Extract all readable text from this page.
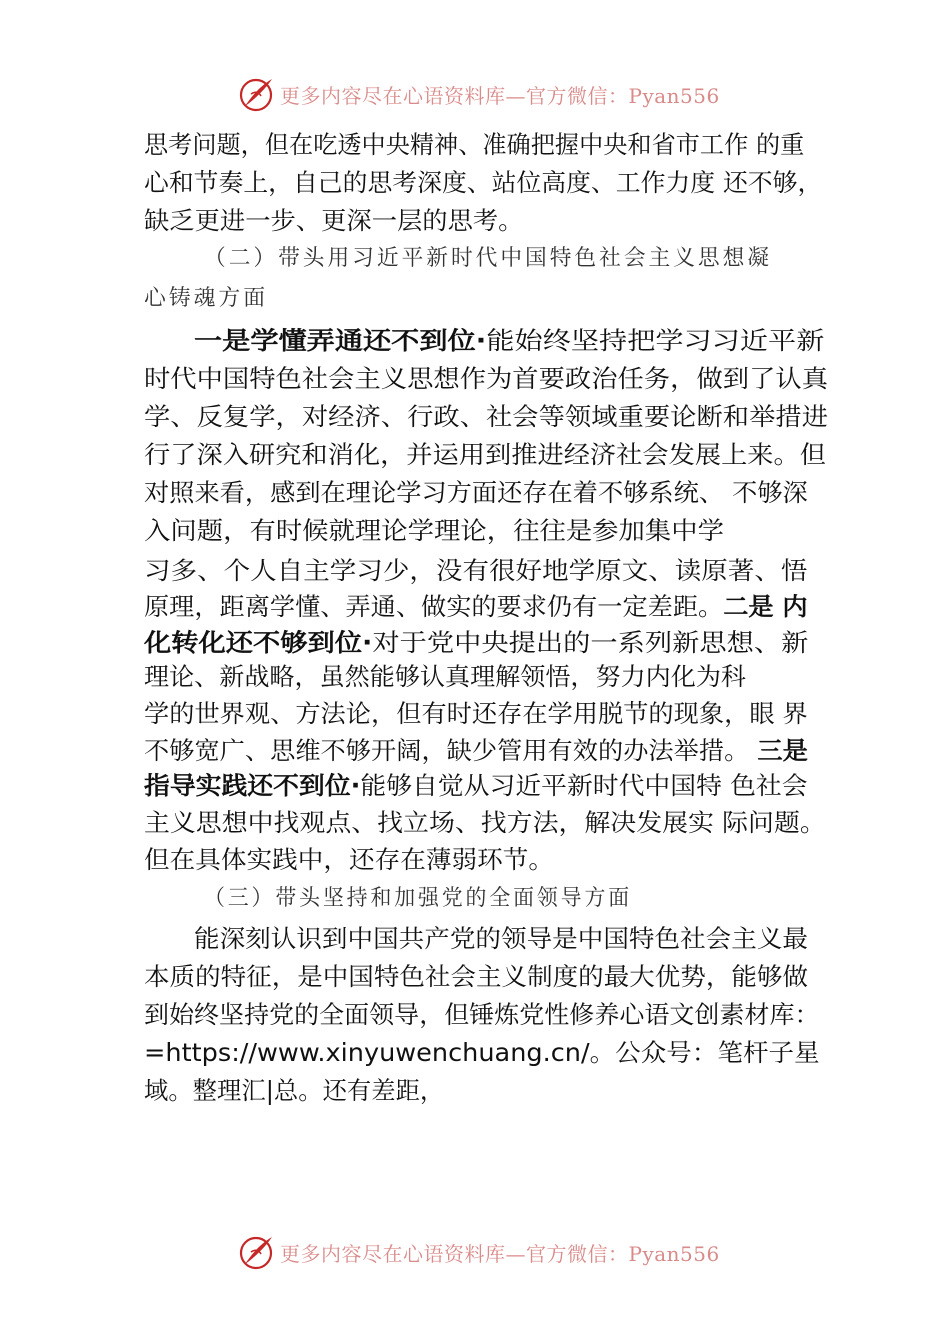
更多内容尽在心语资料库—官方微信：Pyan556
思考问题，但在吃透中央精神、准确把握中央和省市工作 的重
心和节奏上，自己的思考深度、站位高度、工作力度 还不够，
缺乏更进一步、更深一层的思考。
（二）带头用习近平新时代中国特色社会主义思想凝
心铸魂方面
一是学懂弄通还不到位·能始终坚持把学习习近平新
时代中国特色社会主义思想作为首要政治任务，做到了认真
学、反复学，对经济、行政、社会等领域重要论断和举措进
行了深入研究和消化，并运用到推进经济社会发展上来。但
对照来看，感到在理论学习方面还存在着不够系统、 不够深
入问题，有时候就理论学理论，往往是参加集中学
习多、个人自主学习少，没有很好地学原文、读原著、悟
原理，距离学懂、弄通、做实的要求仍有一定差距。二是 内
化转化还不够到位·对于党中央提出的一系列新思想、新
理论、新战略，虽然能够认真理解领悟，努力内化为科
学的世界观、方法论，但有时还存在学用脱节的现象，眼 界
不够宽广、思维不够开阔，缺少管用有效的办法举措。 三是
指导实践还不到位·能够自觉从习近平新时代中国特 色社会
主义思想中找观点、找立场、找方法，解决发展实 际问题。
但在具体实践中，还存在薄弱环节。
（三）带头坚持和加强党的全面领导方面
能深刻认识到中国共产党的领导是中国特色社会主义最
本质的特征，是中国特色社会主义制度的最大优势，能够做
到始终坚持党的全面领导，但锤炼党性修养心语文创素材库：
=https://www.xinyuwenchuang.cn/。公众号：笔杆子星
域。整理汇|总。还有差距，
更多内容尽在心语资料库—官方微信：Pyan556
